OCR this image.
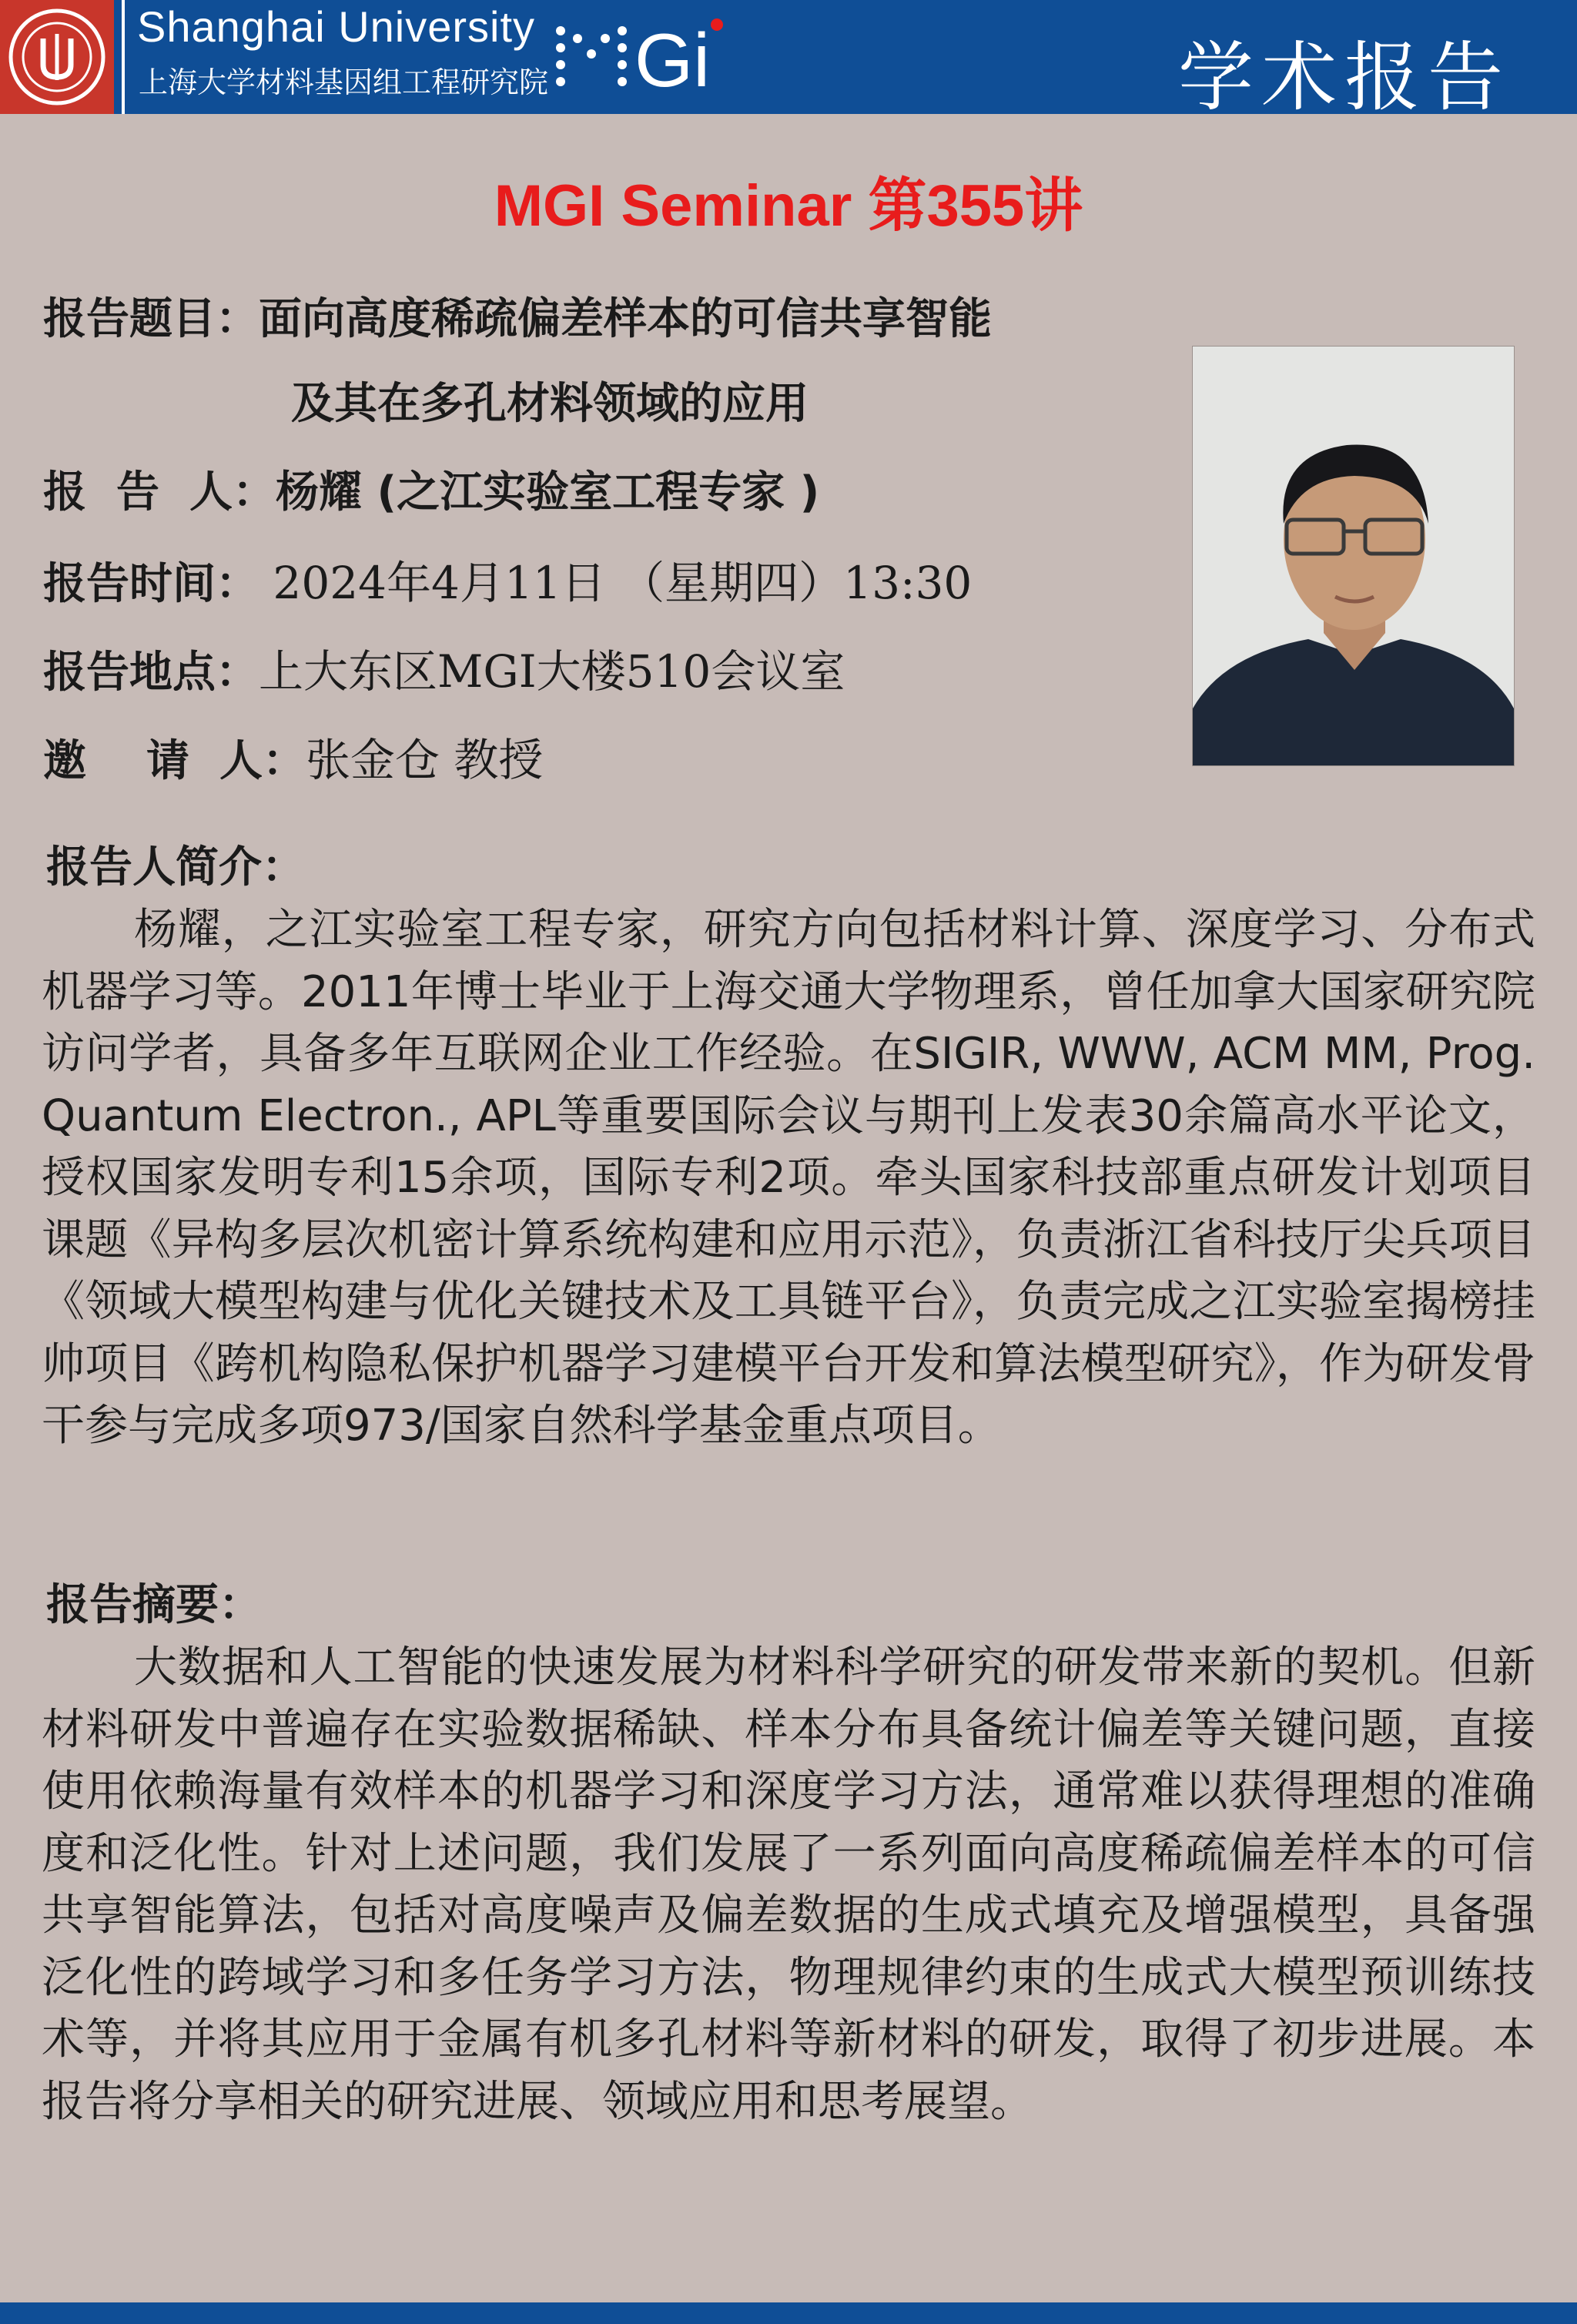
Shanghai University
上海大学材料基因组工程研究院 Gi	学术报告
MGI Seminar 第355讲
报告题目：面向高度稀疏偏差样本的可信共享智能
及其在多孔材料领域的应用
报  告  人：杨耀 (之江实验室工程专家 )
报告时间： 2024年4月11日 （星期四）13:30
报告地点：上大东区MGI大楼510会议室
邀    请  人：张金仓 教授
报告人简介：
杨耀，之江实验室工程专家，研究方向包括材料计算、深度学习、分布式机器学习等。2011年博士毕业于上海交通大学物理系，曾任加拿大国家研究院访问学者，具备多年互联网企业工作经验。在SIGIR, WWW, ACM MM, Prog. Quantum Electron., APL等重要国际会议与期刊上发表30余篇高水平论文，授权国家发明专利15余项，国际专利2项。牵头国家科技部重点研发计划项目课题《异构多层次机密计算系统构建和应用示范》，负责浙江省科技厅尖兵项目《领域大模型构建与优化关键技术及工具链平台》，负责完成之江实验室揭榜挂帅项目《跨机构隐私保护机器学习建模平台开发和算法模型研究》，作为研发骨干参与完成多项973/国家自然科学基金重点项目。
报告摘要：
大数据和人工智能的快速发展为材料科学研究的研发带来新的契机。但新材料研发中普遍存在实验数据稀缺、样本分布具备统计偏差等关键问题，直接使用依赖海量有效样本的机器学习和深度学习方法，通常难以获得理想的准确度和泛化性。针对上述问题，我们发展了一系列面向高度稀疏偏差样本的可信共享智能算法，包括对高度噪声及偏差数据的生成式填充及增强模型，具备强泛化性的跨域学习和多任务学习方法，物理规律约束的生成式大模型预训练技术等，并将其应用于金属有机多孔材料等新材料的研发，取得了初步进展。本报告将分享相关的研究进展、领域应用和思考展望。
